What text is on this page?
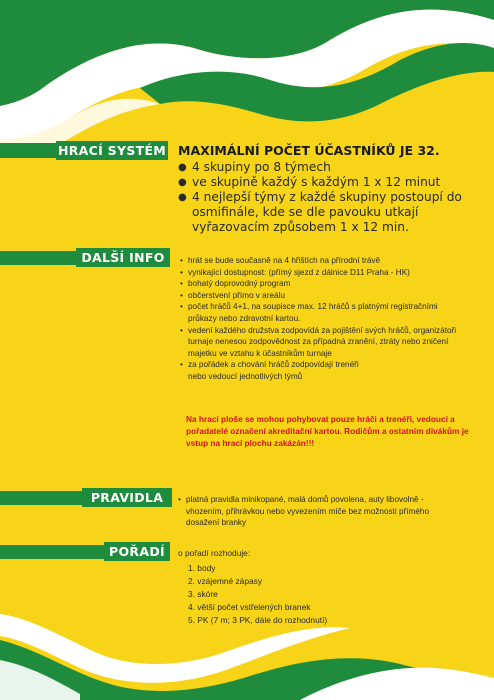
HRACÍ SYSTÉM MAXIMÁLNÍ POČET ÚČASTNÍKŮ JE 32.
● 4 skupiny po 8 týmech
● ve skupině každý s každým 1 x 12 minut
● 4 nejlepší týmy z každé skupiny postoupí do osmifinále, kde se dle pavouku utkají vyřazovacím způsobem 1 x 12 min.
DALŠÍ INFO	• hrát se bude současně na 4 hřištích na přírodní trávě
• vynikající dostupnost: (přímý sjezd z dálnice D11 Praha - HK)
• bohatý doprovodný program
• občerstvení přímo v areálu
• počet hráčů 4+1, na soupisce max. 12 hráčů s platnými registračními průkazy nebo zdravotní kartou.
• vedení každého družstva zodpovídá za pojištění svých hráčů, organizátoři turnaje nenesou zodpovědnost za případná zranění, ztráty nebo zničení majetku ve vztahu k účastníkům turnaje
• za pořádek a chování hráčů zodpovídají trenéři nebo vedoucí jednotlivých týmů
Na hrací ploše se mohou pohybovat pouze hráči a trenéři, vedoucí a pořadatelé označení akreditační kartou. Rodičům a ostatním divákům je vstup na hrací plochu zakázán!!!
PRAVIDLA	• platná pravidla minikopané, malá domů povolena, auty libovolně - vhozením, přihrávkou nebo vyvezením míče bez možnosti přímého dosažení branky
POŘADÍ	o pořadí rozhoduje:
1. body
2. vzájemné zápasy
3. skóre
4. větší počet vstřelených branek
5. PK (7 m; 3 PK, dále do rozhodnutí)
